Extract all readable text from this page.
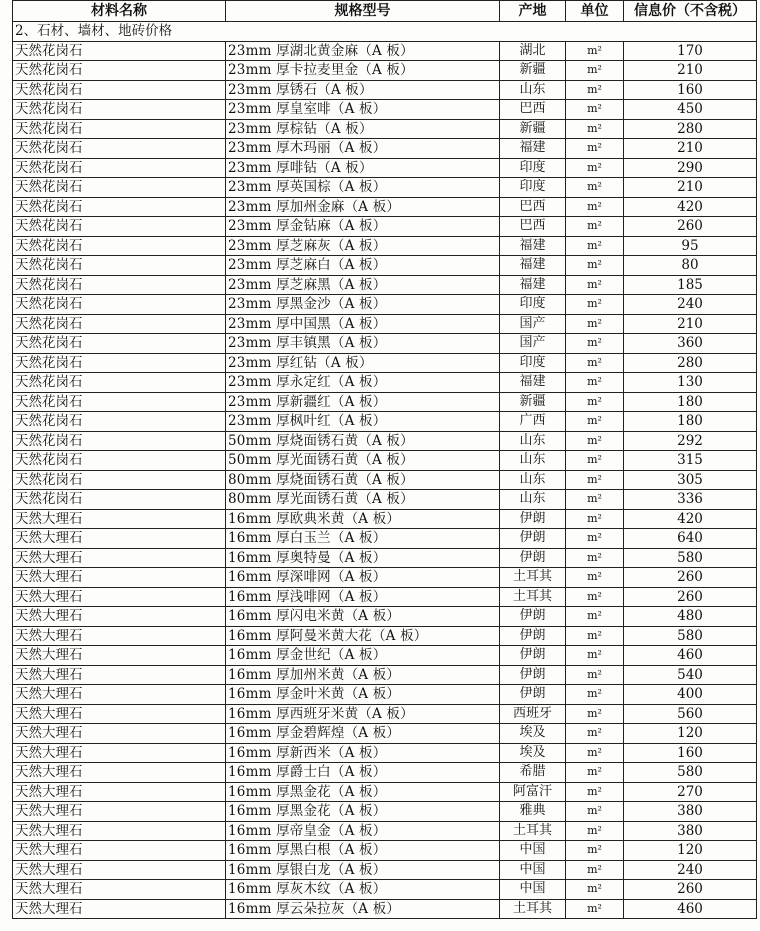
材料名称	规格型号	产地	单位	信息价（不含税）
2、石材、墙材、地砖价格				
天然花岗石	23mm 厚湖北黄金麻（A 板）	湖北	m²	170
天然花岗石	23mm 厚卡拉麦里金（A 板）	新疆	m²	210
天然花岗石	23mm 厚锈石（A 板）	山东	m²	160
天然花岗石	23mm 厚皇室啡（A 板）	巴西	m²	450
天然花岗石	23mm 厚棕钻（A 板）	新疆	m²	280
天然花岗石	23mm 厚木玛丽（A 板）	福建	m²	210
天然花岗石	23mm 厚啡钻（A 板）	印度	m²	290
天然花岗石	23mm 厚英国棕（A 板）	印度	m²	210
天然花岗石	23mm 厚加州金麻（A 板）	巴西	m²	420
天然花岗石	23mm 厚金钻麻（A 板）	巴西	m²	260
天然花岗石	23mm 厚芝麻灰（A 板）	福建	m²	95
天然花岗石	23mm 厚芝麻白（A 板）	福建	m²	80
天然花岗石	23mm 厚芝麻黑（A 板）	福建	m²	185
天然花岗石	23mm 厚黑金沙（A 板）	印度	m²	240
天然花岗石	23mm 厚中国黑（A 板）	国产	m²	210
天然花岗石	23mm 厚丰镇黑（A 板）	国产	m²	360
天然花岗石	23mm 厚红钻（A 板）	印度	m²	280
天然花岗石	23mm 厚永定红（A 板）	福建	m²	130
天然花岗石	23mm 厚新疆红（A 板）	新疆	m²	180
天然花岗石	23mm 厚枫叶红（A 板）	广西	m²	180
天然花岗石	50mm 厚烧面锈石黄（A 板）	山东	m²	292
天然花岗石	50mm 厚光面锈石黄（A 板）	山东	m²	315
天然花岗石	80mm 厚烧面锈石黄（A 板）	山东	m²	305
天然花岗石	80mm 厚光面锈石黄（A 板）	山东	m²	336
天然大理石	16mm 厚欧典米黄（A 板）	伊朗	m²	420
天然大理石	16mm 厚白玉兰（A 板）	伊朗	m²	640
天然大理石	16mm 厚奥特曼（A 板）	伊朗	m²	580
天然大理石	16mm 厚深啡网（A 板）	土耳其	m²	260
天然大理石	16mm 厚浅啡网（A 板）	土耳其	m²	260
天然大理石	16mm 厚闪电米黄（A 板）	伊朗	m²	480
天然大理石	16mm 厚阿曼米黄大花（A 板）	伊朗	m²	580
天然大理石	16mm 厚金世纪（A 板）	伊朗	m²	460
天然大理石	16mm 厚加州米黄（A 板）	伊朗	m²	540
天然大理石	16mm 厚金叶米黄（A 板）	伊朗	m²	400
天然大理石	16mm 厚西班牙米黄（A 板）	西班牙	m²	560
天然大理石	16mm 厚金碧辉煌（A 板）	埃及	m²	120
天然大理石	16mm 厚新西米（A 板）	埃及	m²	160
天然大理石	16mm 厚爵士白（A 板）	希腊	m²	580
天然大理石	16mm 厚黑金花（A 板）	阿富汗	m²	270
天然大理石	16mm 厚黑金花（A 板）	雅典	m²	380
天然大理石	16mm 厚帝皇金（A 板）	土耳其	m²	380
天然大理石	16mm 厚黑白根（A 板）	中国	m²	120
天然大理石	16mm 厚银白龙（A 板）	中国	m²	240
天然大理石	16mm 厚灰木纹（A 板）	中国	m²	260
天然大理石	16mm 厚云朵拉灰（A 板）	土耳其	m²	460
